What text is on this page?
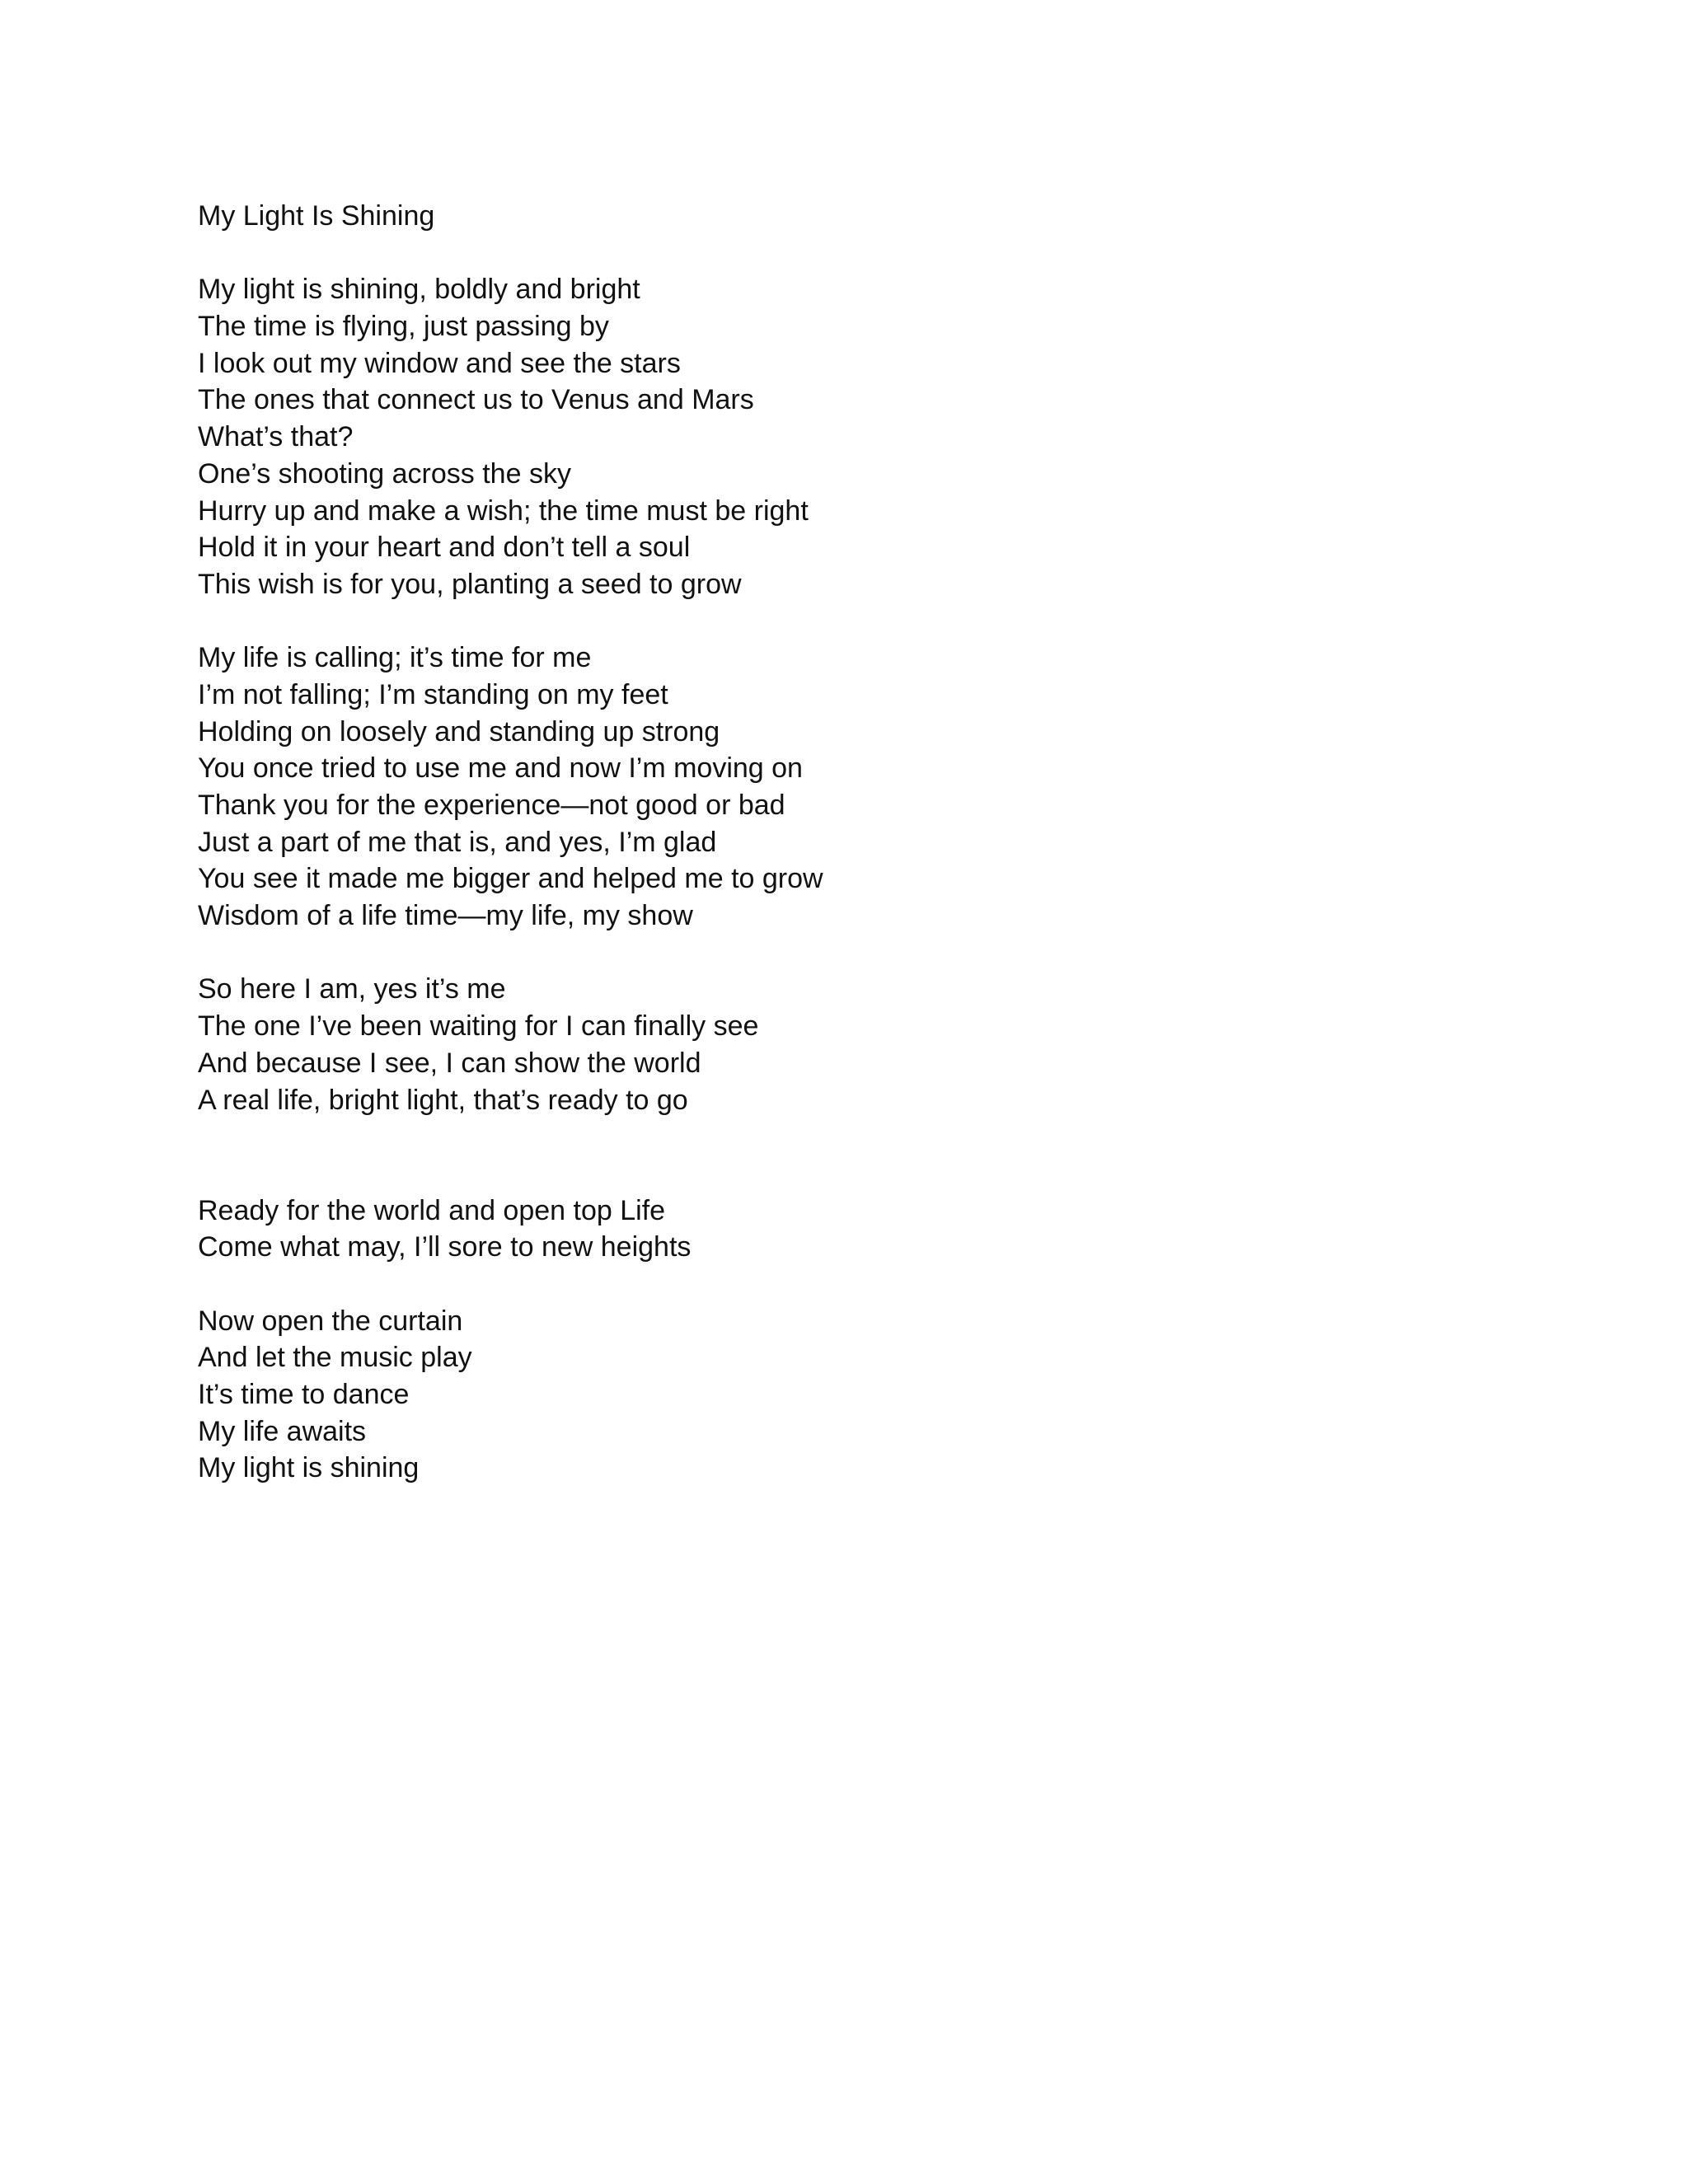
My Light Is Shining
My light is shining, boldly and bright
The time is flying, just passing by
I look out my window and see the stars
The ones that connect us to Venus and Mars
What’s that?
One’s shooting across the sky
Hurry up and make a wish; the time must be right
Hold it in your heart and don’t tell a soul
This wish is for you, planting a seed to grow
My life is calling; it’s time for me
I’m not falling; I’m standing on my feet
Holding on loosely and standing up strong
You once tried to use me and now I’m moving on
Thank you for the experience—not good or bad
Just a part of me that is, and yes, I’m glad
You see it made me bigger and helped me to grow
Wisdom of a life time—my life, my show
So here I am, yes it’s me
The one I’ve been waiting for I can finally see
And because I see, I can show the world
A real life, bright light, that’s ready to go
Ready for the world and open top Life
Come what may, I’ll sore to new heights
Now open the curtain
And let the music play
It’s time to dance
My life awaits
My light is shining
